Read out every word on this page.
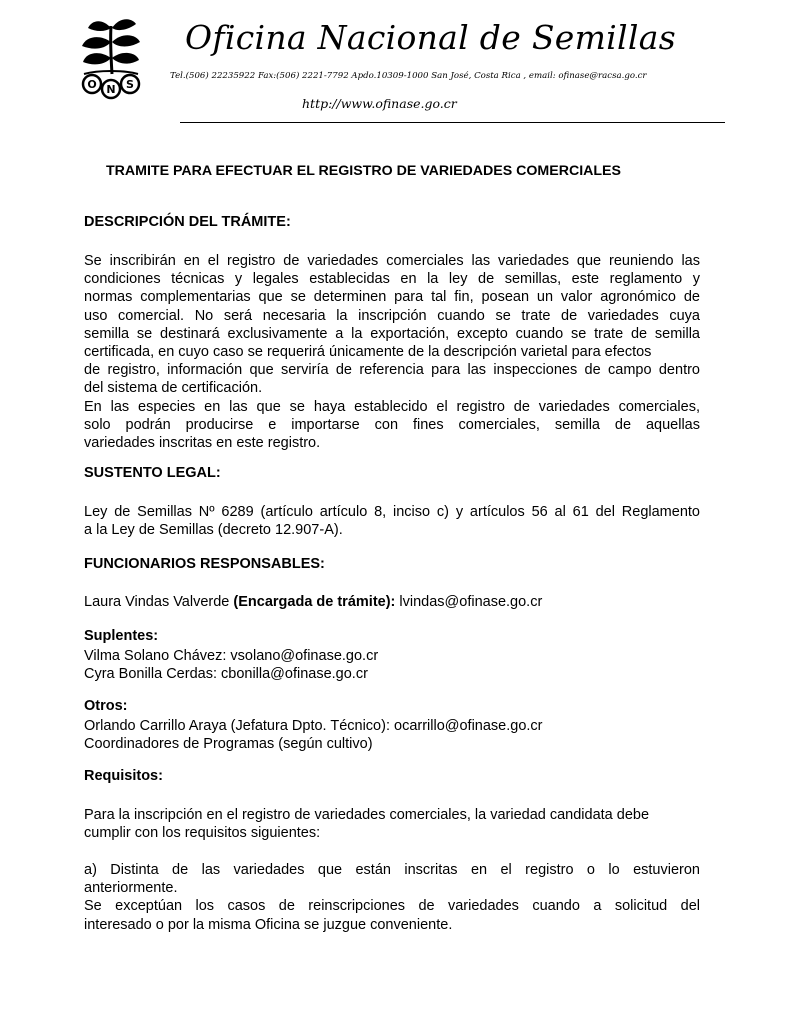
O N S
Oficina Nacional de Semillas
Tel.(506) 22235922 Fax:(506) 2221-7792 Apdo.10309-1000 San José, Costa Rica , email: ofinase@racsa.go.cr
http://www.ofinase.go.cr
TRAMITE PARA EFECTUAR EL REGISTRO DE VARIEDADES COMERCIALES
DESCRIPCIÓN DEL TRÁMITE:
Se inscribirán en el registro de variedades comerciales las variedades que reuniendo las
condiciones técnicas y legales establecidas en la ley de semillas, este reglamento y
normas complementarias que se determinen para tal fin, posean un valor agronómico de
uso comercial. No será necesaria la inscripción cuando se trate de variedades cuya
semilla se destinará exclusivamente a la exportación, excepto cuando se trate de semilla
certificada, en cuyo caso se requerirá únicamente de la descripción varietal para efectos
de registro, información que serviría de referencia para las inspecciones de campo dentro
del sistema de certificación.
En las especies en las que se haya establecido el registro de variedades comerciales,
solo podrán producirse e importarse con fines comerciales, semilla de aquellas
variedades inscritas en este registro.
SUSTENTO LEGAL:
Ley de Semillas Nº 6289 (artículo artículo 8, inciso c) y artículos 56 al 61 del Reglamento
a la Ley de Semillas (decreto 12.907-A).
FUNCIONARIOS RESPONSABLES:
Laura Vindas Valverde (Encargada de trámite): lvindas@ofinase.go.cr
Suplentes:
Vilma Solano Chávez: vsolano@ofinase.go.cr
Cyra Bonilla Cerdas: cbonilla@ofinase.go.cr
Otros:
Orlando Carrillo Araya (Jefatura Dpto. Técnico): ocarrillo@ofinase.go.cr
Coordinadores de Programas (según cultivo)
Requisitos:
Para la inscripción en el registro de variedades comerciales, la variedad candidata debe
cumplir con los requisitos siguientes:
a) Distinta de las variedades que están inscritas en el registro o lo estuvieron
anteriormente.
Se exceptúan los casos de reinscripciones de variedades cuando a solicitud del
interesado o por la misma Oficina se juzgue conveniente.
